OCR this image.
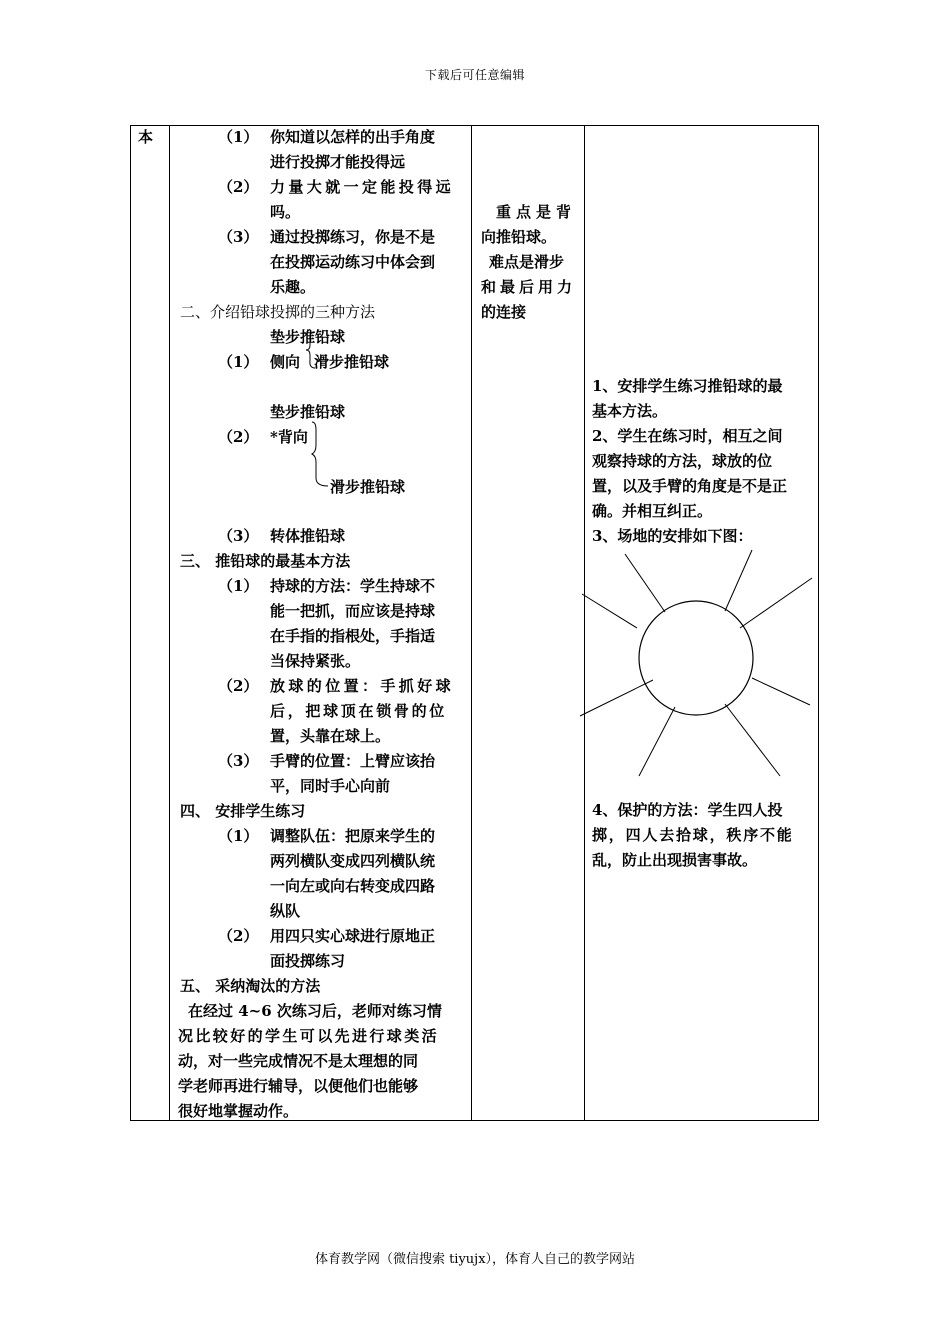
下载后可任意编辑
本	（1） 你知道以怎样的出手角度
进行投掷才能投得远
（2） 力量大就一定能投得远
吗。
（3） 通过投掷练习，你是不是
在投掷运动练习中体会到
乐趣。
二、介绍铅球投掷的三种方法
垫步推铅球
（1） 侧向 滑步推铅球
垫步推铅球
（2） *背向
滑步推铅球
（3） 转体推铅球
三、 推铅球的最基本方法
（1） 持球的方法：学生持球不
能一把抓，而应该是持球
在手指的指根处，手指适
当保持紧张。
（2） 放球的位置：手抓好球
后，把球顶在锁骨的位
置，头靠在球上。
（3） 手臂的位置：上臂应该抬
平，同时手心向前
四、 安排学生练习
（1） 调整队伍：把原来学生的
两列横队变成四列横队统
一向左或向右转变成四路
纵队
（2） 用四只实心球进行原地正
面投掷练习
五、 采纳淘汰的方法
在经过 4~6 次练习后，老师对练习情
况比较好的学生可以先进行球类活
动，对一些完成情况不是太理想的同
学老师再进行辅导，以便他们也能够
很好地掌握动作。
重点是背
向推铅球。
难点是滑步
和最后用力
的连接
1、安排学生练习推铅球的最
基本方法。
2、学生在练习时，相互之间
观察持球的方法，球放的位
置，以及手臂的角度是不是正
确。并相互纠正。
3、场地的安排如下图：
4、保护的方法：学生四人投
掷，四人去拾球，秩序不能
乱，防止出现损害事故。
体育教学网（微信搜索 tiyujx），体育人自己的教学网站
